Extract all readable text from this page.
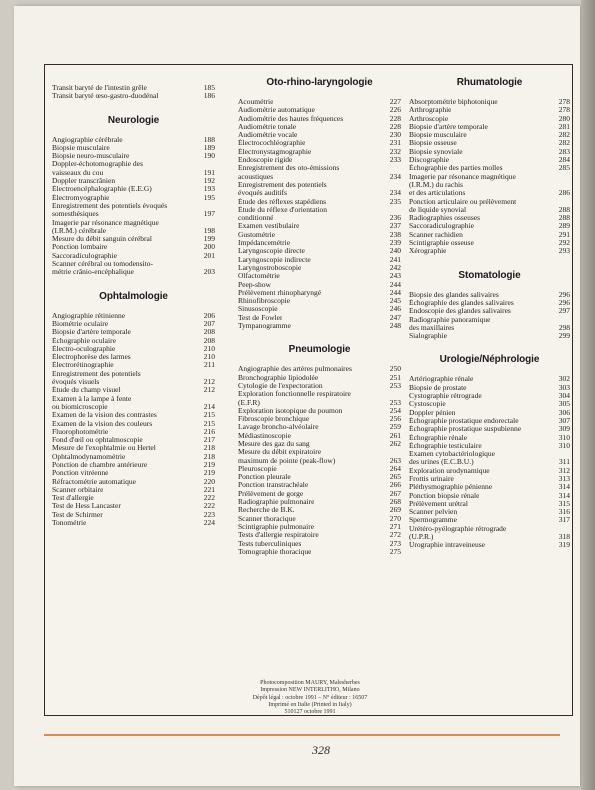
Transit baryté de l'intestin grêle	185
Transit baryté œso-gastro-duodénal	186
Neurologie
Angiographie cérébrale	188
Biopsie musculaire	189
Biopsie neuro-musculaire	190
Doppler-échotomographie des
vaisseaux du cou	191
Doppler transcrânien	192
Électroencéphalographie (E.E.G)	193
Électromyographie	195
Enregistrement des potentiels évoqués
somesthésiques	197
Imagerie par résonance magnétique
(I.R.M.) cérébrale	198
Mesure du débit sanguin cérébral	199
Ponction lombaire	200
Saccoradiculographie	201
Scanner cérébral ou tomodensito-
métrie crânio-encéphalique	203
Ophtalmologie
Angiographie rétinienne	206
Biométrie oculaire	207
Biopsie d'artère temporale	208
Échographie oculaire	208
Électro-oculographie	210
Électrophorèse des larmes	210
Électrorétinographie	211
Enregistrement des potentiels
évoqués visuels	212
Étude du champ visuel	212
Examen à la lampe à fente
ou biomicroscopie	214
Examen de la vision des contrastes	215
Examen de la vision des couleurs	215
Fluorophotométrie	216
Fond d'œil ou ophtalmoscopie	217
Mesure de l'exophtalmie ou Hertel	218
Ophtalmodynamométrie	218
Ponction de chambre antérieure	219
Ponction vitréenne	219
Réfractométrie automatique	220
Scanner orbitaire	221
Test d'allergie	222
Test de Hess Lancaster	222
Test de Schirmer	223
Tonométrie	224
Oto-rhino-laryngologie
Acoumétrie	227
Audiométrie automatique	226
Audiométrie des hautes fréquences	228
Audiométrie tonale	228
Audiométrie vocale	230
Électrocochléographie	231
Électronystagmographie	232
Endoscopie rigide	233
Enregistrement des oto-émissions
acoustiques	234
Enregistrement des potentiels
évoqués auditifs	234
Étude des réflexes stapédiens	235
Étude du réflexe d'orientation
conditionné	236
Examen vestibulaire	237
Gustométrie	238
Impédancemétrie	239
Laryngoscopie directe	240
Laryngoscopie indirecte	241
Laryngostroboscopie	242
Olfactométrie	243
Peep-show	244
Prélèvement rhinopharyngé	244
Rhinofibroscopie	245
Sinusoscopie	246
Test de Fowler	247
Tympanogramme	248
Pneumologie
Angiographie des artères pulmonaires	250
Bronchographie lipiodolée	251
Cytologie de l'expectoration	253
Exploration fonctionnelle respiratoire
(E.F.R)	253
Exploration isotopique du poumon	254
Fibroscopie bronchique	256
Lavage broncho-alvéolaire	259
Médiastinoscopie	261
Mesure des gaz du sang	262
Mesure du débit expiratoire
maximum de pointe (peak-flow)	263
Pleuroscopie	264
Ponction pleurale	265
Ponction transtrachéale	266
Prélèvement de gorge	267
Radiographie pulmonaire	268
Recherche de B.K.	269
Scanner thoracique	270
Scintigraphie pulmonaire	271
Tests d'allergie respiratoire	272
Tests tuberculiniques	273
Tomographie thoracique	275
Rhumatologie
Absorptométrie biphotonique	278
Arthrographie	278
Arthroscopie	280
Biopsie d'artère temporale	281
Biopsie musculaire	282
Biopsie osseuse	282
Biopsie synoviale	283
Discographie	284
Échographie des parties molles	285
Imagerie par résonance magnétique
(I.R.M.) du rachis
et des articulations	286
Ponction articulaire ou prélèvement
de liquide synovial	288
Radiographies osseuses	288
Saccoradiculographie	289
Scanner rachidien	291
Scintigraphie osseuse	292
Xérographie	293
Stomatologie
Biopsie des glandes salivaires	296
Échographie des glandes salivaires	296
Endoscopie des glandes salivaires	297
Radiographie panoramique
des maxillaires	298
Sialographie	299
Urologie/Néphrologie
Artériographie rénale	302
Biopsie de prostate	303
Cystographie rétrograde	304
Cystoscopie	305
Doppler pénien	306
Échographie prostatique endorectale	307
Échographie prostatique suspubienne	309
Échographie rénale	310
Échographie testiculaire	310
Examen cytobactériologique
des urines (E.C.B.U.)	311
Exploration urodynamique	312
Frottis urinaire	313
Pléthysmographie pénienne	314
Ponction biopsie rénale	314
Prélèvement urétral	315
Scanner pelvien	316
Spermogramme	317
Urétéro-pyélographie rétrograde
(U.P.R.)	318
Urographie intraveineuse	319
Photocomposition MAURY, Malesherbes
Impression NEW INTERLITHO, Milano
Dépôt légal : octobre 1991 – N° éditeur : 16507
Imprimé en Italie (Printed in Italy)
510127 octobre 1991
328
